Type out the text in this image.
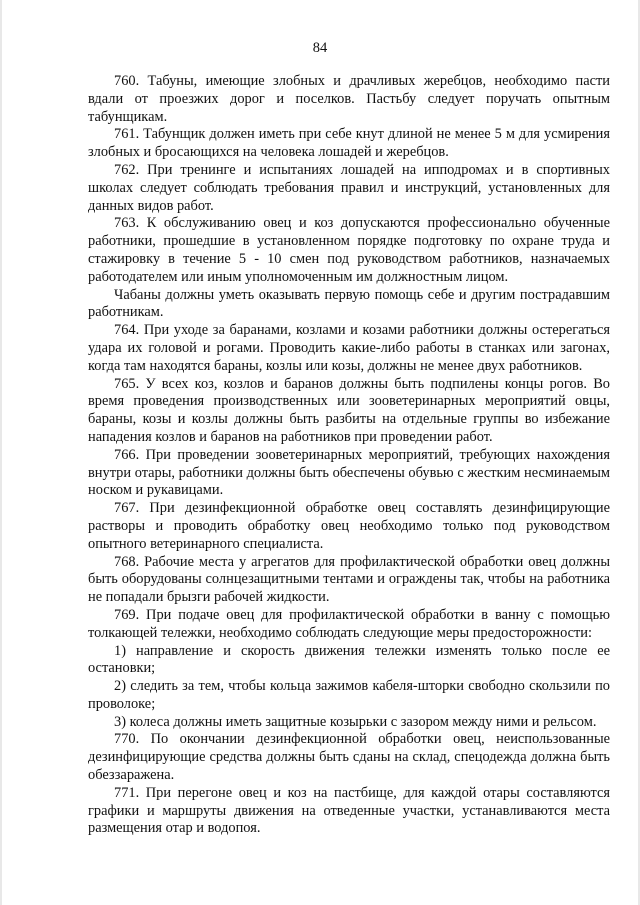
84

760. Табуны, имеющие злобных и драчливых жеребцов, необходимо пасти вдали от проезжих дорог и поселков. Пастьбу следует поручать опытным табунщикам.

761. Табунщик должен иметь при себе кнут длиной не менее 5 м для усмирения злобных и бросающихся на человека лошадей и жеребцов.

762. При тренинге и испытаниях лошадей на ипподромах и в спортивных школах следует соблюдать требования правил и инструкций, установленных для данных видов работ.

763. К обслуживанию овец и коз допускаются профессионально обученные работники, прошедшие в установленном порядке подготовку по охране труда и стажировку в течение 5 - 10 смен под руководством работников, назначаемых работодателем или иным уполномоченным им должностным лицом.

Чабаны должны уметь оказывать первую помощь себе и другим пострадавшим работникам.

764. При уходе за баранами, козлами и козами работники должны остерегаться удара их головой и рогами. Проводить какие-либо работы в станках или загонах, когда там находятся бараны, козлы или козы, должны не менее двух работников.

765. У всех коз, козлов и баранов должны быть подпилены концы рогов. Во время проведения производственных или зооветеринарных мероприятий овцы, бараны, козы и козлы должны быть разбиты на отдельные группы во избежание нападения козлов и баранов на работников при проведении работ.

766. При проведении зооветеринарных мероприятий, требующих нахождения внутри отары, работники должны быть обеспечены обувью с жестким несминаемым носком и рукавицами.

767. При дезинфекционной обработке овец составлять дезинфицирующие растворы и проводить обработку овец необходимо только под руководством опытного ветеринарного специалиста.

768. Рабочие места у агрегатов для профилактической обработки овец должны быть оборудованы солнцезащитными тентами и ограждены так, чтобы на работника не попадали брызги рабочей жидкости.

769. При подаче овец для профилактической обработки в ванну с помощью толкающей тележки, необходимо соблюдать следующие меры предосторожности:

1) направление и скорость движения тележки изменять только после ее остановки;

2) следить за тем, чтобы кольца зажимов кабеля-шторки свободно скользили по проволоке;

3) колеса должны иметь защитные козырьки с зазором между ними и рельсом.

770. По окончании дезинфекционной обработки овец, неиспользованные дезинфицирующие средства должны быть сданы на склад, спецодежда должна быть обеззаражена.

771. При перегоне овец и коз на пастбище, для каждой отары составляются графики и маршруты движения на отведенные участки, устанавливаются места размещения отар и водопоя.
